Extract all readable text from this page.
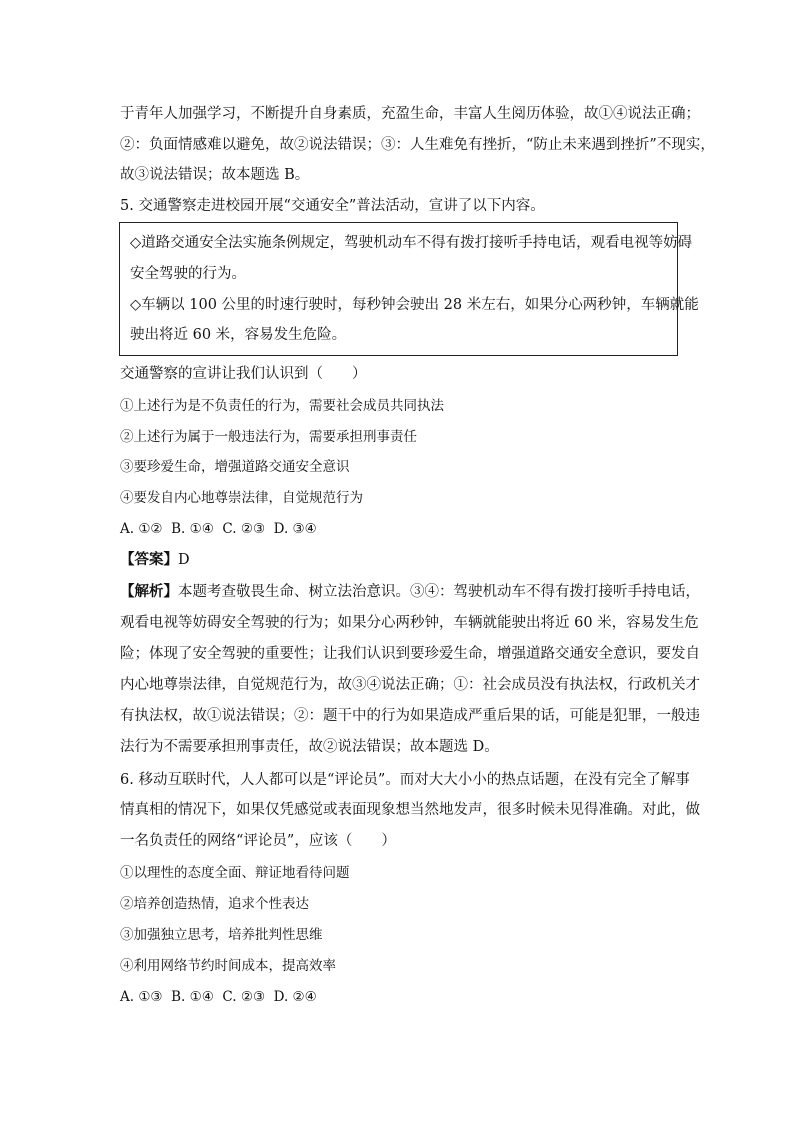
于青年人加强学习，不断提升自身素质，充盈生命，丰富人生阅历体验，故①④说法正确；
②：负面情感难以避免，故②说法错误；③：人生难免有挫折，“防止未来遇到挫折”不现实，
故③说法错误；故本题选 B。
5. 交通警察走进校园开展“交通安全”普法活动，宣讲了以下内容。
◇道路交通安全法实施条例规定，驾驶机动车不得有拨打接听手持电话，观看电视等妨碍
安全驾驶的行为。
◇车辆以 100 公里的时速行驶时，每秒钟会驶出 28 米左右，如果分心两秒钟，车辆就能
驶出将近 60 米，容易发生危险。
交通警察的宣讲让我们认识到（　　）
①上述行为是不负责任的行为，需要社会成员共同执法
②上述行为属于一般违法行为，需要承担刑事责任
③要珍爱生命，增强道路交通安全意识
④要发自内心地尊崇法律，自觉规范行为
A. ①②  B. ①④  C. ②③  D. ③④
【答案】D
【解析】本题考查敬畏生命、树立法治意识。③④：驾驶机动车不得有拨打接听手持电话，
观看电视等妨碍安全驾驶的行为；如果分心两秒钟，车辆就能驶出将近 60 米，容易发生危
险；体现了安全驾驶的重要性；让我们认识到要珍爱生命，增强道路交通安全意识，要发自
内心地尊崇法律，自觉规范行为，故③④说法正确；①：社会成员没有执法权，行政机关才
有执法权，故①说法错误；②：题干中的行为如果造成严重后果的话，可能是犯罪，一般违
法行为不需要承担刑事责任，故②说法错误；故本题选 D。
6. 移动互联时代，人人都可以是“评论员”。而对大大小小的热点话题，在没有完全了解事
情真相的情况下，如果仅凭感觉或表面现象想当然地发声，很多时候未见得准确。对此，做
一名负责任的网络“评论员”，应该（　　）
①以理性的态度全面、辩证地看待问题
②培养创造热情，追求个性表达
③加强独立思考，培养批判性思维
④利用网络节约时间成本，提高效率
A. ①③  B. ①④  C. ②③  D. ②④
